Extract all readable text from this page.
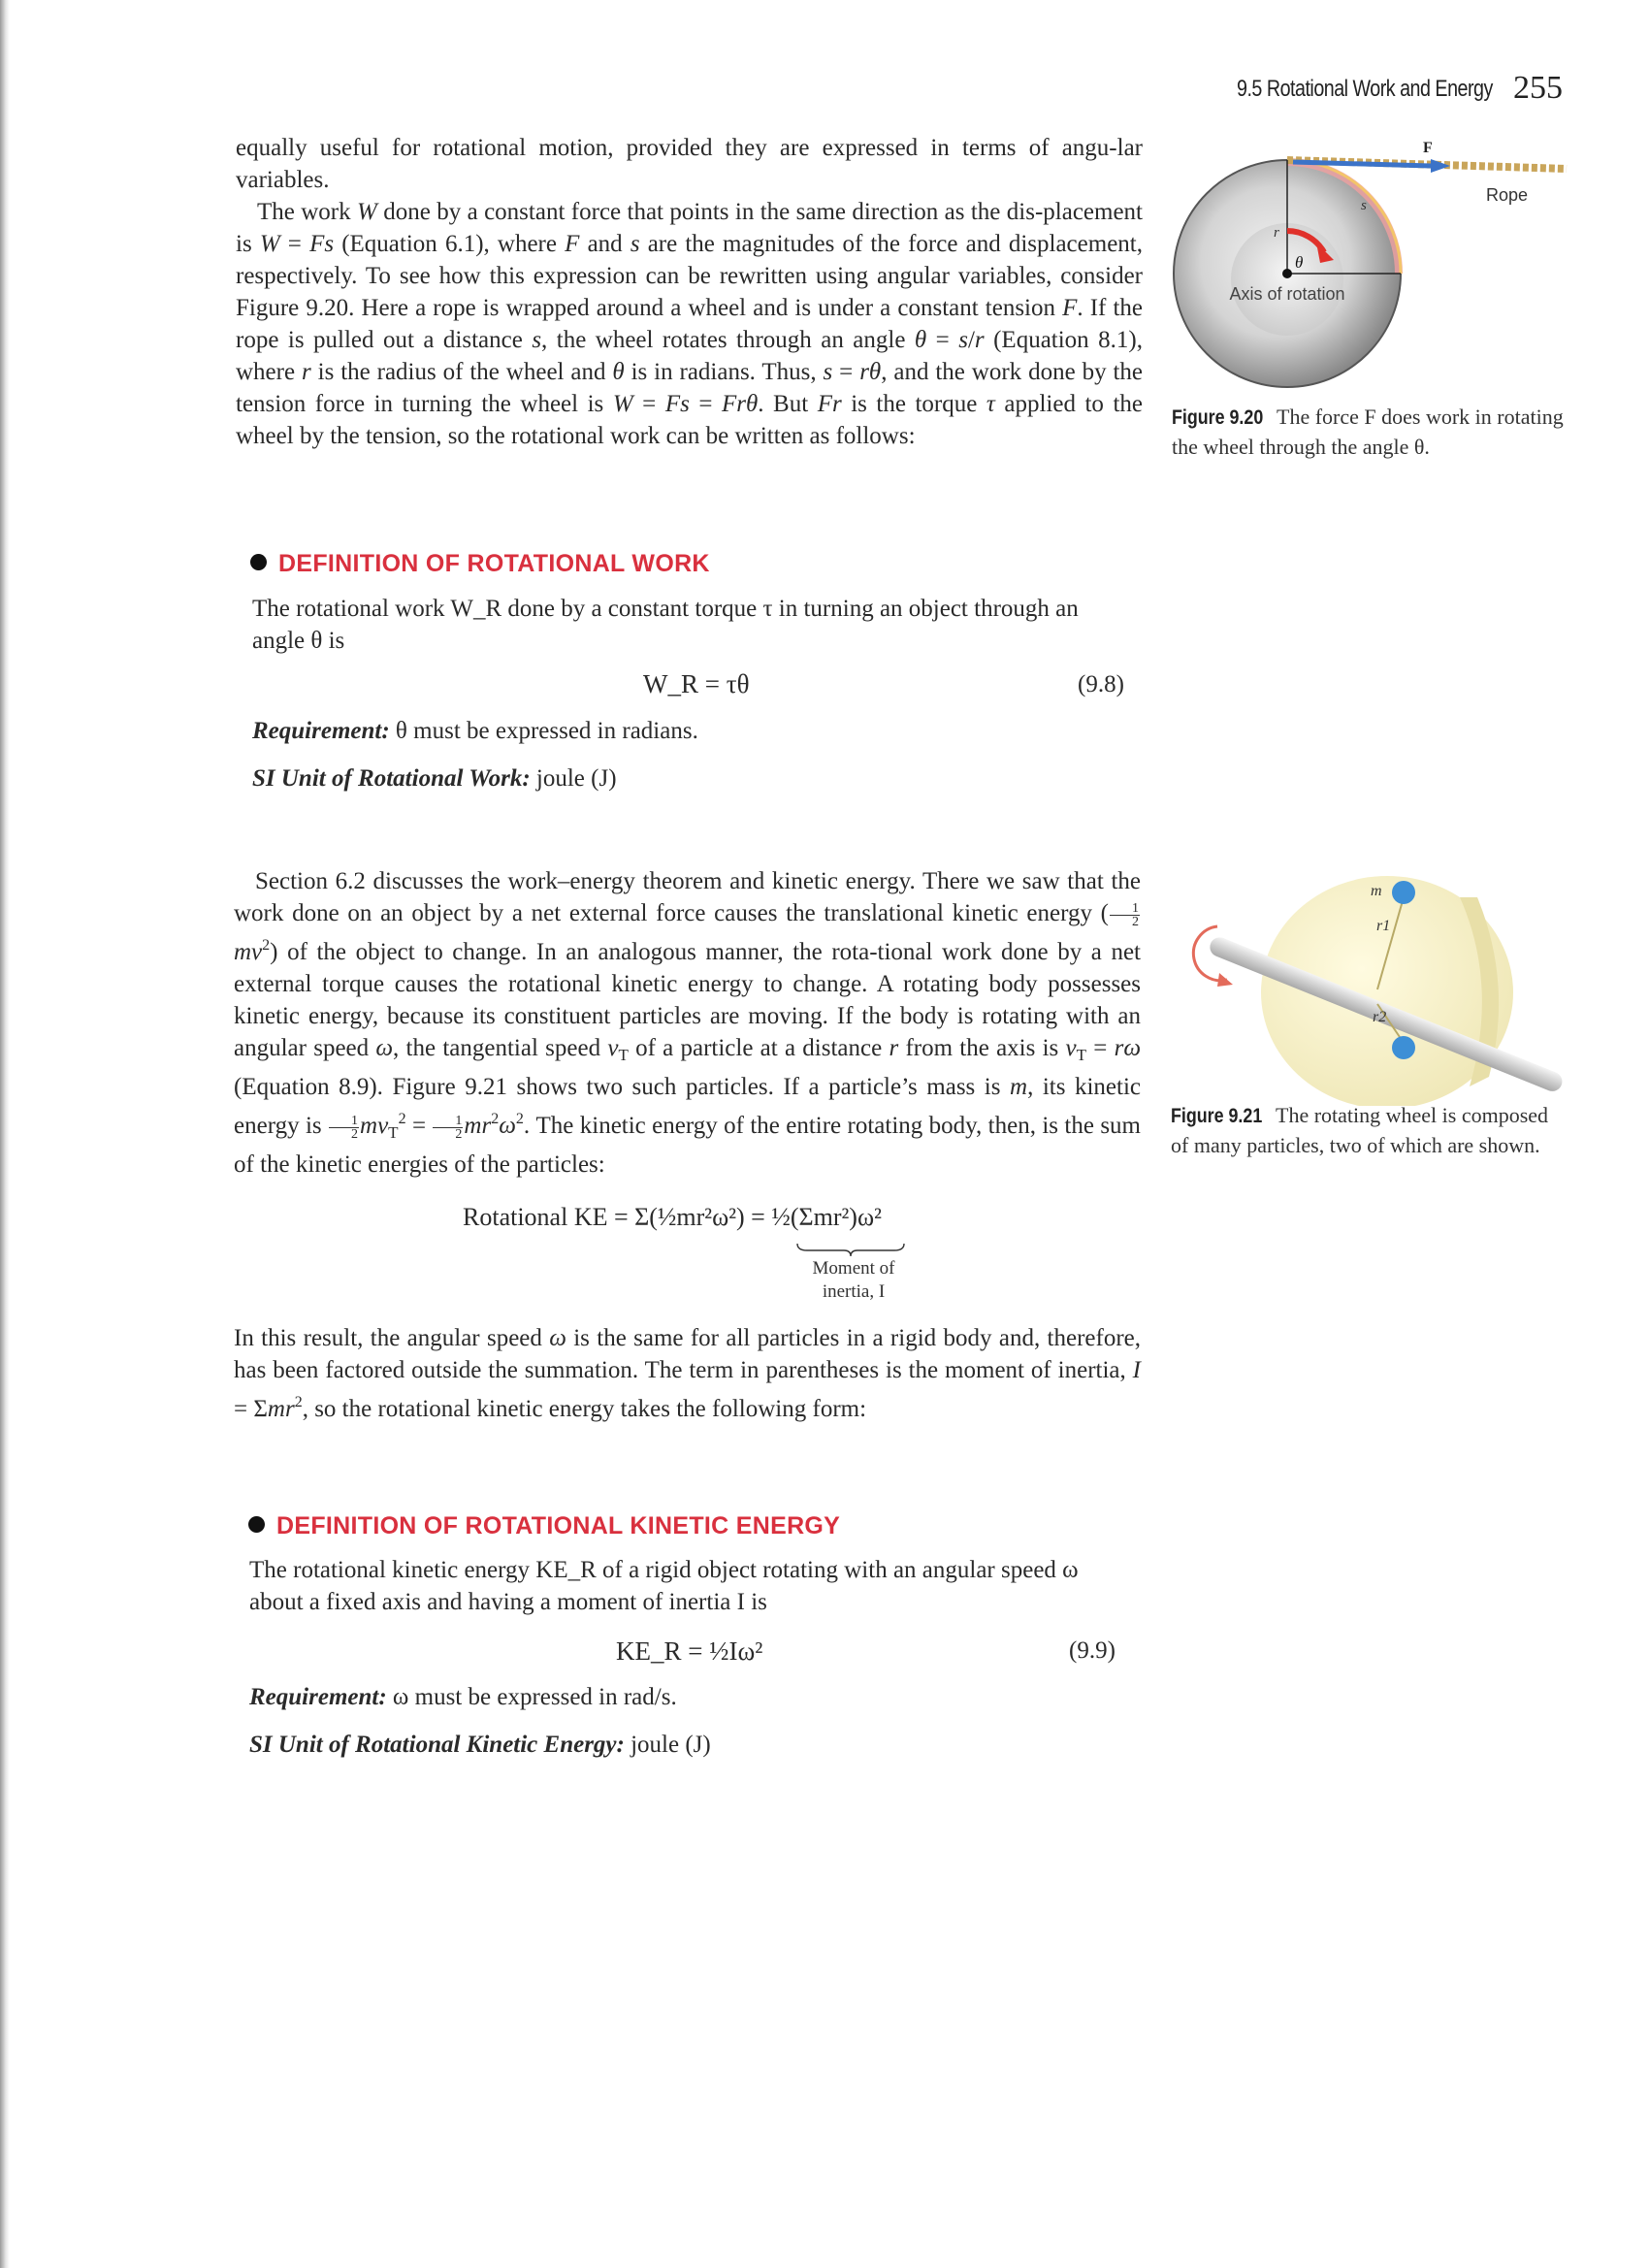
9.5 Rotational Work and Energy 255

equally useful for rotational motion, provided they are expressed in terms of angu-lar variables.

The work W done by a constant force that points in the same direction as the dis-placement is W = Fs (Equation 6.1), where F and s are the magnitudes of the force and displacement, respectively. To see how this expression can be rewritten using angular variables, consider Figure 9.20. Here a rope is wrapped around a wheel and is under a constant tension F. If the rope is pulled out a distance s, the wheel rotates through an angle θ = s/r (Equation 8.1), where r is the radius of the wheel and θ is in radians. Thus, s = rθ, and the work done by the tension force in turning the wheel is W = Fs = Frθ. But Fr is the torque τ applied to the wheel by the tension, so the rotational work can be written as follows:

F
Rope
s
r
θ
Axis of rotation
Figure 9.20 The force F does work in rotating the wheel through the angle θ.
DEFINITION OF ROTATIONAL WORK
The rotational work W_R done by a constant torque τ in turning an object through an angle θ is
W_R = τθ	(9.8)
Requirement: θ must be expressed in radians.
SI Unit of Rotational Work: joule (J)

Section 6.2 discusses the work–energy theorem and kinetic energy. There we saw that the work done on an object by a net external force causes the translational kinetic energy ( $\frac{1}{2}$
$mv^2$) of the object to change. In an analogous manner, the rota-tional work done by a net external torque causes the rotational kinetic energy to change. A rotating body possesses kinetic energy, because its constituent particles are moving. If the body is rotating with an angular speed ω, the tangential speed $v_T$ of a particle at a distance r from the axis is $v_T = r\omega$ (Equation 8.9). Figure 9.21 shows two such particles. If a particle’s mass is m, its kinetic energy is $\frac{1}{2} mv_T^2 = \frac{1}{2} mr^2\omega^2$. The kinetic energy of the entire rotating body, then, is the sum of the kinetic energies of the particles:

m
r1
r2
Figure 9.21 The rotating wheel is composed of many particles, two of which are shown.
Rotational KE = Σ(½mr²ω²) = ½(Σmr²)ω²
Moment of inertia, I

In this result, the angular speed ω is the same for all particles in a rigid body and, therefore, has been factored outside the summation. The term in parentheses is the moment of inertia, I = Σmr$^2$, so the rotational kinetic energy takes the following form:

DEFINITION OF ROTATIONAL KINETIC ENERGY
The rotational kinetic energy KE_R of a rigid object rotating with an angular speed ω about a fixed axis and having a moment of inertia I is
KE_R = ½Iω²	(9.9)
Requirement: ω must be expressed in rad/s.
SI Unit of Rotational Kinetic Energy: joule (J)
